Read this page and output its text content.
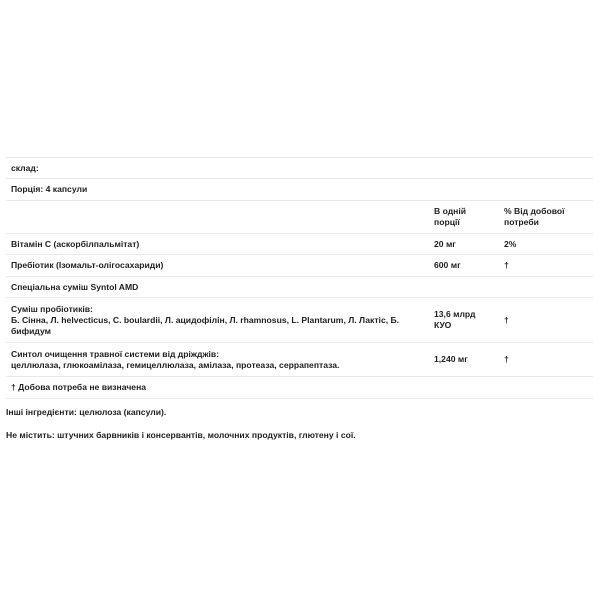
склад:		
Порція: 4 капсули		
	В одній порції	% Від добової потреби
Вітамін С (аскорбілпальмітат)	20 мг	2%
Пребіотик (Ізомальт-олігосахариди)	600 мг	†
Спеціальна суміш Syntol AMD		

Суміш пробіотиків:
Б. Сінна, Л. helvecticus, C. boulardii, Л. ацидофілін, Л. rhamnosus, L. Plantarum, Л. Лактіс, Б. бифидум	13,6 млрд КУО	†

Синтол очищення травної системи від дріжджів:
целлюлаза, глюкоамілаза, гемицеллюлаза, амілаза, протеаза, серрапептаза.	1,240 мг	†
† Добова потреба не визначена		
Інші інгредієнти: целюлоза (капсули).
Не містить: штучних барвників і консервантів, молочних продуктів, глютену і сої.
